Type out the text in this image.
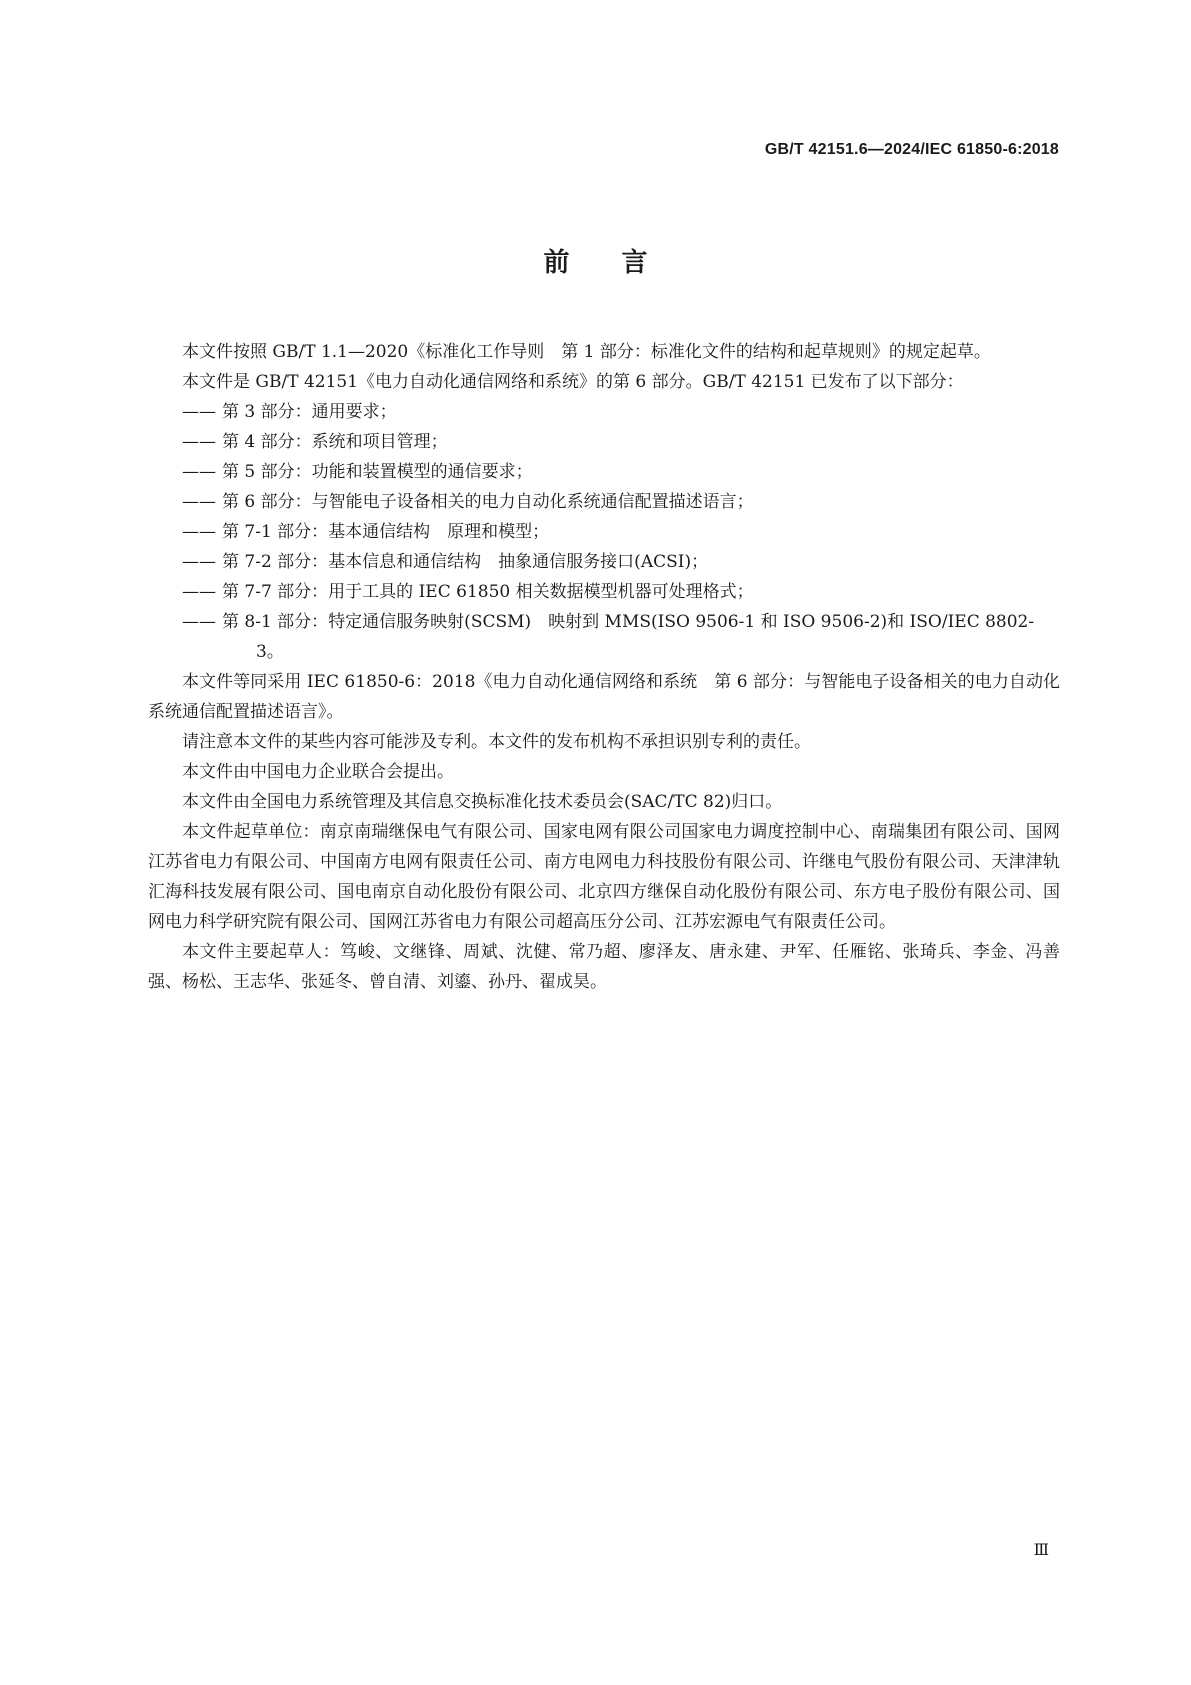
GB/T 42151.6—2024/IEC 61850-6:2018
前言

本文件按照 GB/T 1.1—2020《标准化工作导则　第 1 部分：标准化文件的结构和起草规则》的规定起草。

本文件是 GB/T 42151《电力自动化通信网络和系统》的第 6 部分。GB/T 42151 已发布了以下部分：

—— 第 3 部分：通用要求；
—— 第 4 部分：系统和项目管理；
—— 第 5 部分：功能和装置模型的通信要求；
—— 第 6 部分：与智能电子设备相关的电力自动化系统通信配置描述语言；
—— 第 7-1 部分：基本通信结构　原理和模型；
—— 第 7-2 部分：基本信息和通信结构　抽象通信服务接口(ACSI)；
—— 第 7-7 部分：用于工具的 IEC 61850 相关数据模型机器可处理格式；
—— 第 8-1 部分：特定通信服务映射(SCSM)　映射到 MMS(ISO 9506-1 和 ISO 9506-2)和 ISO/IEC 8802-3。

本文件等同采用 IEC 61850-6：2018《电力自动化通信网络和系统　第 6 部分：与智能电子设备相关的电力自动化系统通信配置描述语言》。

请注意本文件的某些内容可能涉及专利。本文件的发布机构不承担识别专利的责任。

本文件由中国电力企业联合会提出。

本文件由全国电力系统管理及其信息交换标准化技术委员会(SAC/TC 82)归口。

本文件起草单位：南京南瑞继保电气有限公司、国家电网有限公司国家电力调度控制中心、南瑞集团有限公司、国网江苏省电力有限公司、中国南方电网有限责任公司、南方电网电力科技股份有限公司、许继电气股份有限公司、天津津轨汇海科技发展有限公司、国电南京自动化股份有限公司、北京四方继保自动化股份有限公司、东方电子股份有限公司、国网电力科学研究院有限公司、国网江苏省电力有限公司超高压分公司、江苏宏源电气有限责任公司。

本文件主要起草人：笃峻、文继锋、周斌、沈健、常乃超、廖泽友、唐永建、尹军、任雁铭、张琦兵、李金、冯善强、杨松、王志华、张延冬、曾自清、刘鎏、孙丹、翟成昊。

Ⅲ
